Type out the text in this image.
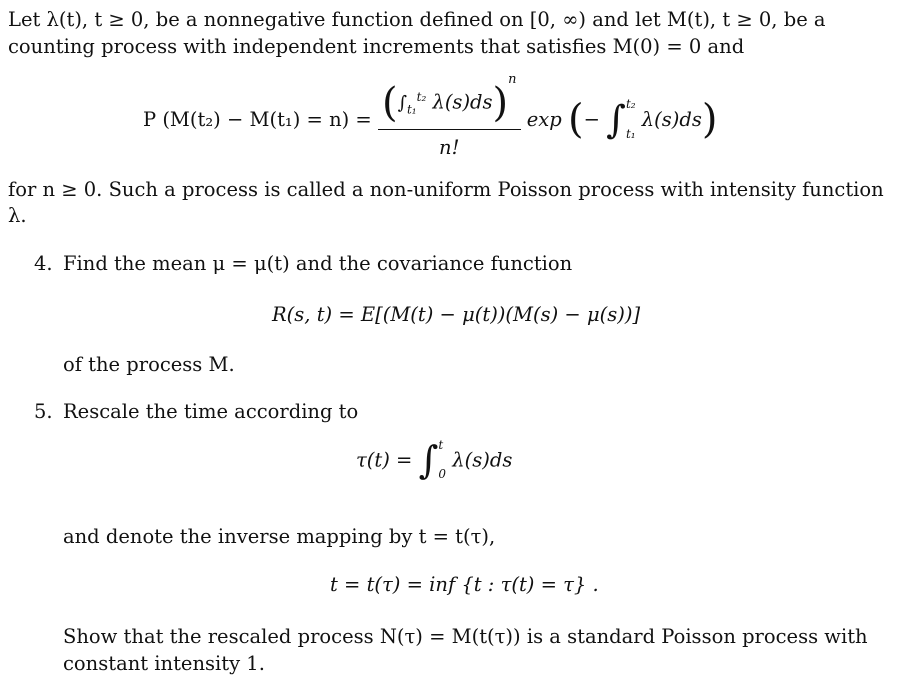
Let λ(t), t ≥ 0, be a nonnegative function defined on [0, ∞) and let M(t), t ≥ 0, be a
counting process with independent increments that satisfies M(0) = 0 and
P $(M(t_2) - M(t_1) = n) = \frac{(\int_{t_1}^{t_2} \lambda(s)ds)^n}{n!}$ exp (− ∫ t₂
t₁
λ(s)ds)
for n ≥ 0. Such a process is called a non-uniform Poisson process with intensity function
λ.
4. Find the mean μ = μ(t) and the covariance function
R(s, t) = E[(M(t) − μ(t))(M(s) − μ(s))]
of the process M.
5. Rescale the time according to
τ(t) = ∫ t
0
λ(s)ds
and denote the inverse mapping by t = t(τ),
t = t(τ) = inf {t : τ(t) = τ} .
Show that the rescaled process N(τ) = M(t(τ)) is a standard Poisson process with
constant intensity 1.
